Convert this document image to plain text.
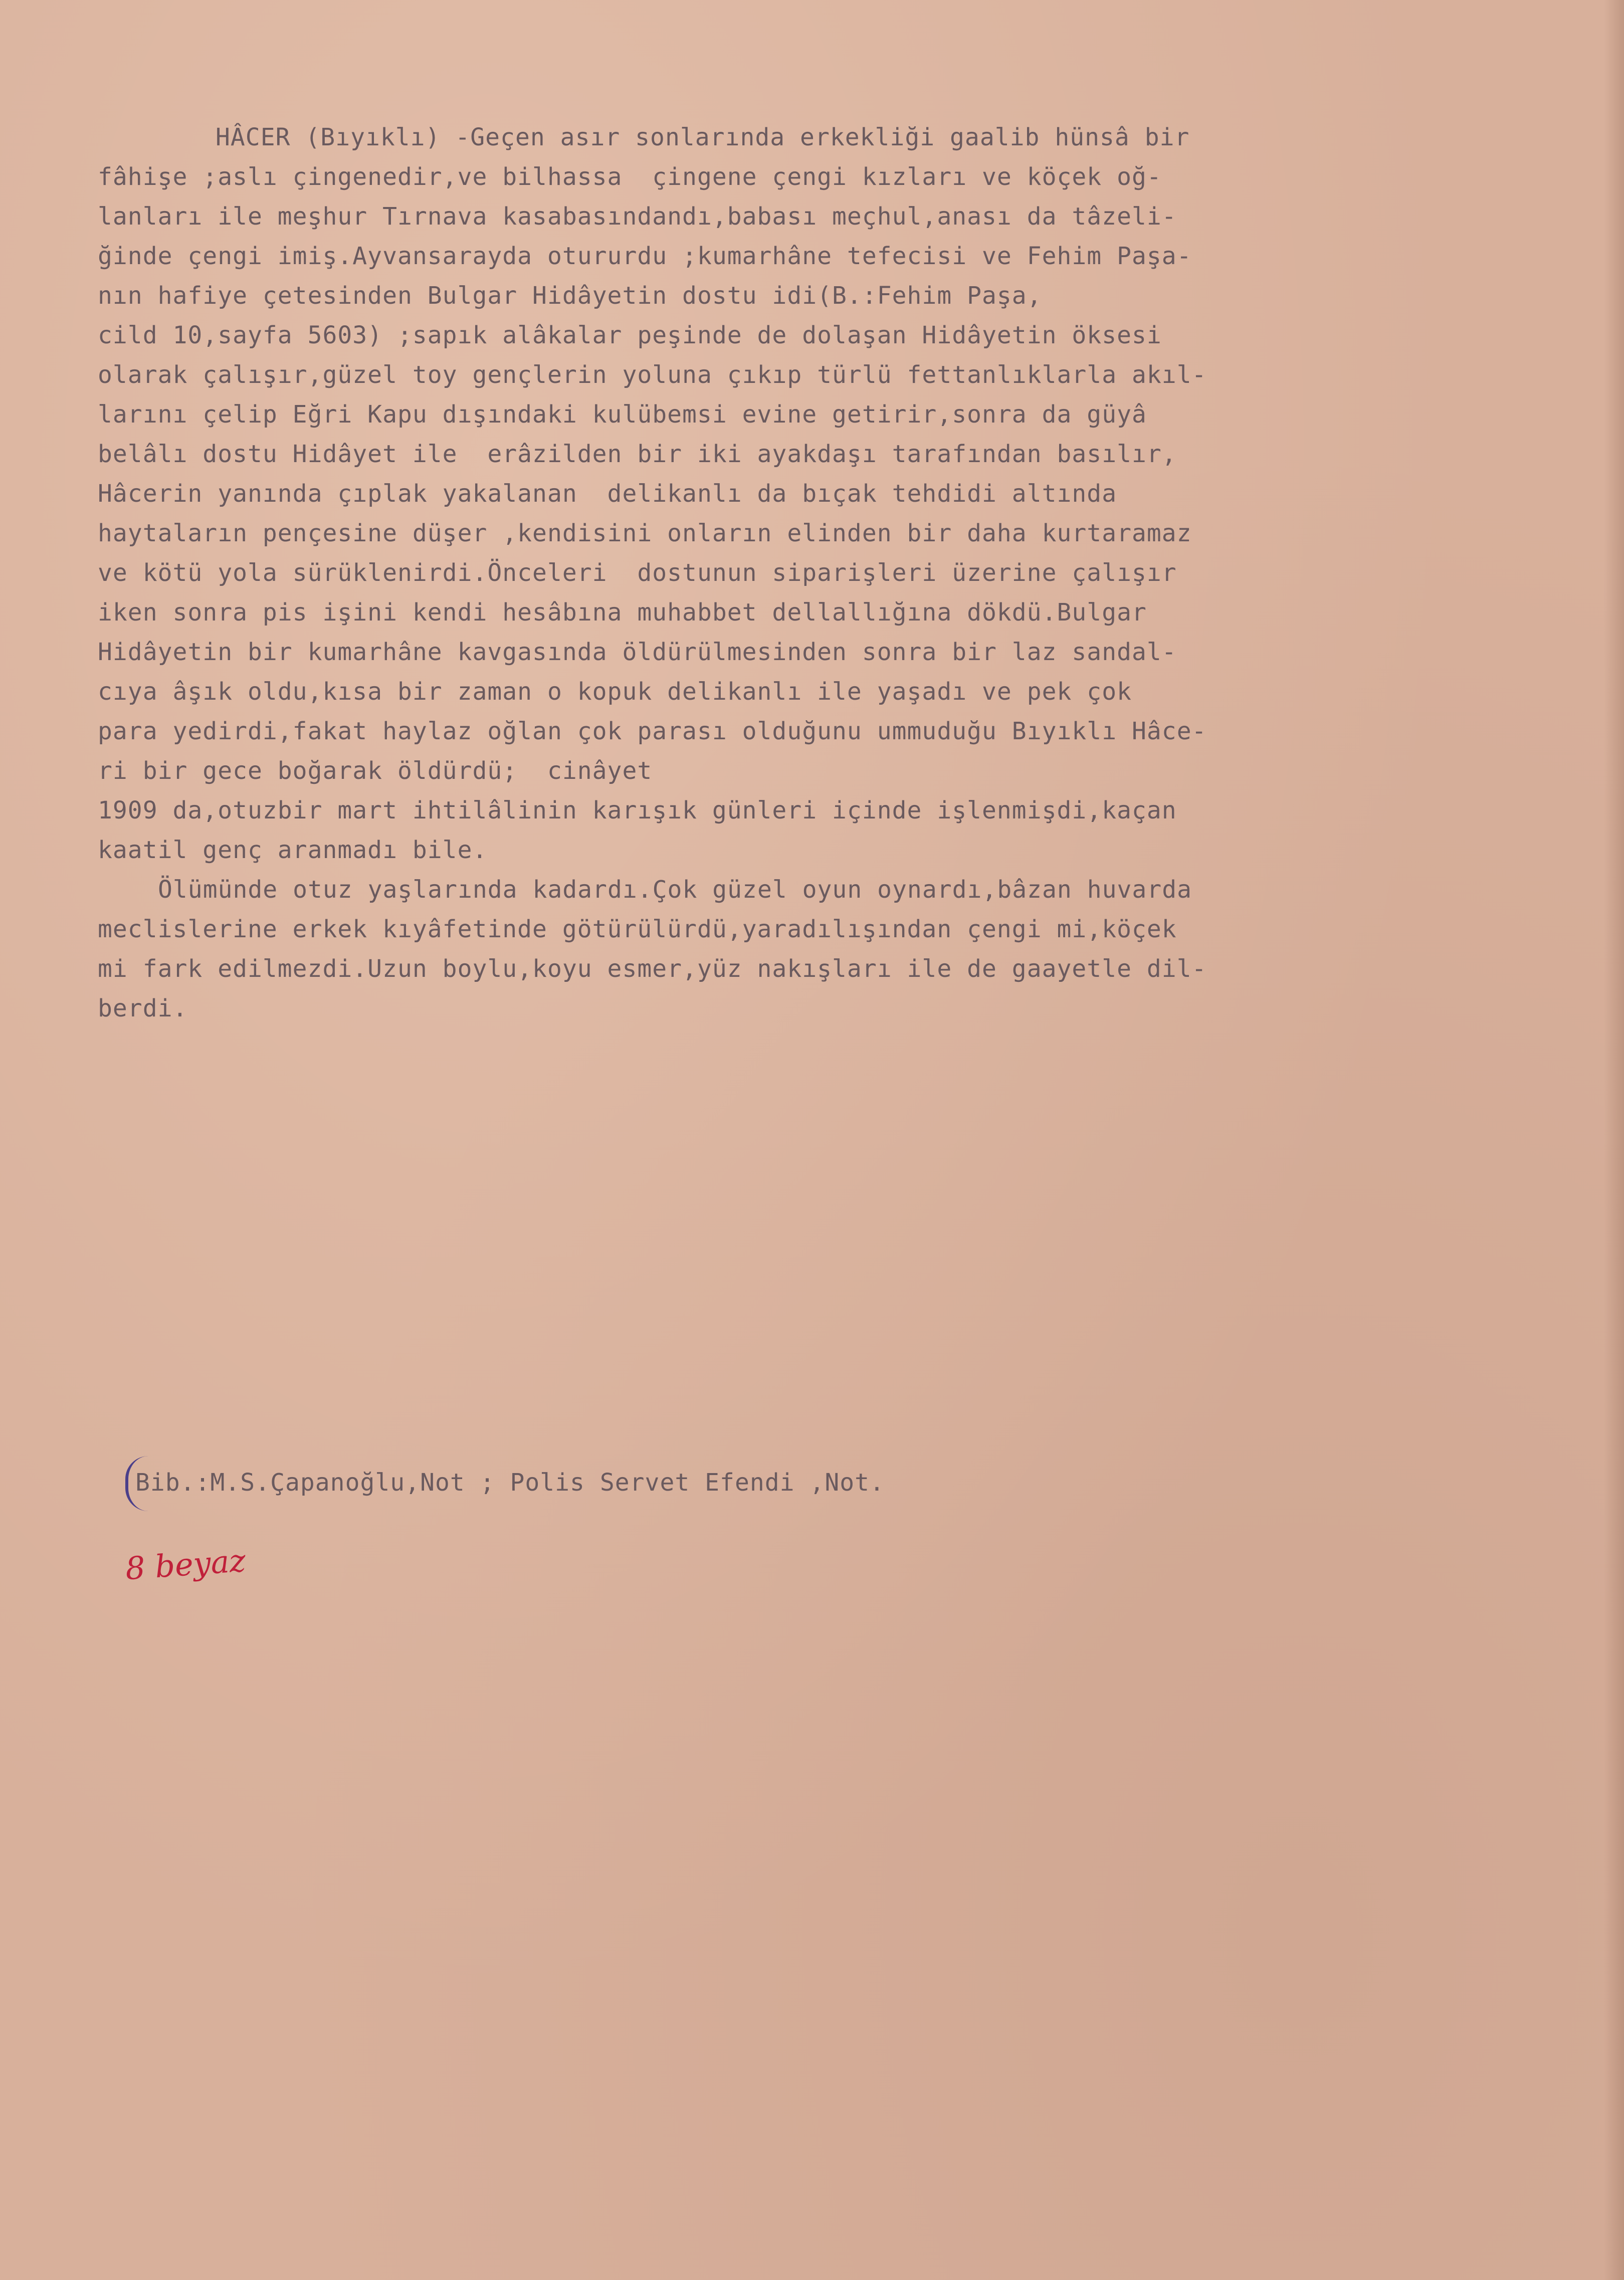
HÂCER (Bıyıklı) -Geçen asır sonlarında erkekliği gaalib hünsâ bir
fâhişe ;aslı çingenedir,ve bilhassa  çingene çengi kızları ve köçek oğ-
lanları ile meşhur Tırnava kasabasındandı,babası meçhul,anası da tâzeli-
ğinde çengi imiş.Ayvansarayda otururdu ;kumarhâne tefecisi ve Fehim Paşa-
nın hafiye çetesinden Bulgar Hidâyetin dostu idi(B.:Fehim Paşa,
cild 10,sayfa 5603) ;sapık alâkalar peşinde de dolaşan Hidâyetin öksesi
olarak çalışır,güzel toy gençlerin yoluna çıkıp türlü fettanlıklarla akıl-
larını çelip Eğri Kapu dışındaki kulübemsi evine getirir,sonra da güyâ
belâlı dostu Hidâyet ile  erâzilden bir iki ayakdaşı tarafından basılır,
Hâcerin yanında çıplak yakalanan  delikanlı da bıçak tehdidi altında
haytaların pençesine düşer ,kendisini onların elinden bir daha kurtaramaz
ve kötü yola sürüklenirdi.Önceleri  dostunun siparişleri üzerine çalışır
iken sonra pis işini kendi hesâbına muhabbet dellallığına dökdü.Bulgar
Hidâyetin bir kumarhâne kavgasında öldürülmesinden sonra bir laz sandal-
cıya âşık oldu,kısa bir zaman o kopuk delikanlı ile yaşadı ve pek çok
para yedirdi,fakat haylaz oğlan çok parası olduğunu ummuduğu Bıyıklı Hâce-
ri bir gece boğarak öldürdü;  cinâyet
1909 da,otuzbir mart ihtilâlinin karışık günleri içinde işlenmişdi,kaçan
kaatil genç aranmadı bile.
Ölümünde otuz yaşlarında kadardı.Çok güzel oyun oynardı,bâzan huvarda
meclislerine erkek kıyâfetinde götürülürdü,yaradılışından çengi mi,köçek
mi fark edilmezdi.Uzun boylu,koyu esmer,yüz nakışları ile de gaayetle dil-
berdi.
Bib.:M.S.Çapanoğlu,Not ; Polis Servet Efendi ,Not.
8 beyaz
